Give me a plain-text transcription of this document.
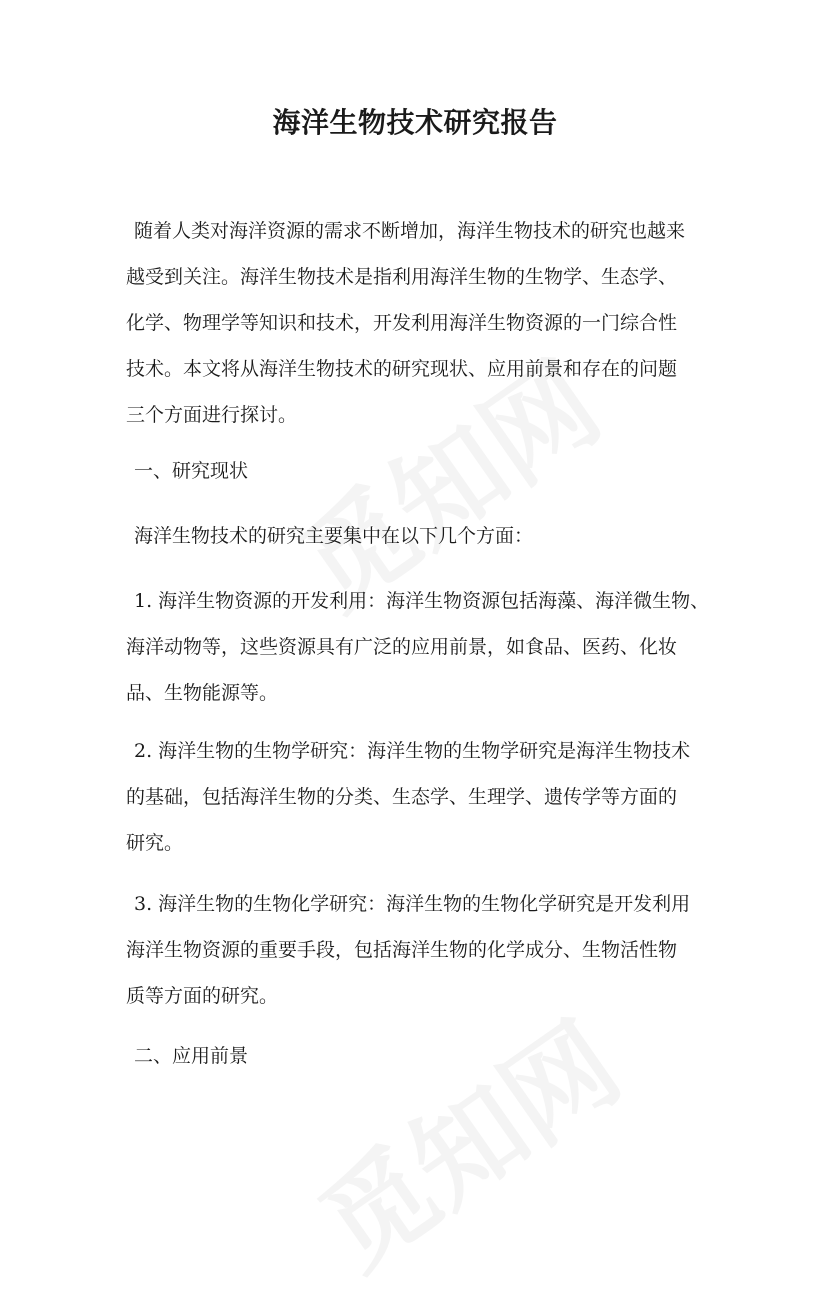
海洋生物技术研究报告
随着人类对海洋资源的需求不断增加，海洋生物技术的研究也越来
越受到关注。海洋生物技术是指利用海洋生物的生物学、生态学、
化学、物理学等知识和技术，开发利用海洋生物资源的一门综合性
技术。本文将从海洋生物技术的研究现状、应用前景和存在的问题
三个方面进行探讨。
一、研究现状
海洋生物技术的研究主要集中在以下几个方面：
1. 海洋生物资源的开发利用：海洋生物资源包括海藻、海洋微生物、
海洋动物等，这些资源具有广泛的应用前景，如食品、医药、化妆
品、生物能源等。
2. 海洋生物的生物学研究：海洋生物的生物学研究是海洋生物技术
的基础，包括海洋生物的分类、生态学、生理学、遗传学等方面的
研究。
3. 海洋生物的生物化学研究：海洋生物的生物化学研究是开发利用
海洋生物资源的重要手段，包括海洋生物的化学成分、生物活性物
质等方面的研究。
二、应用前景
